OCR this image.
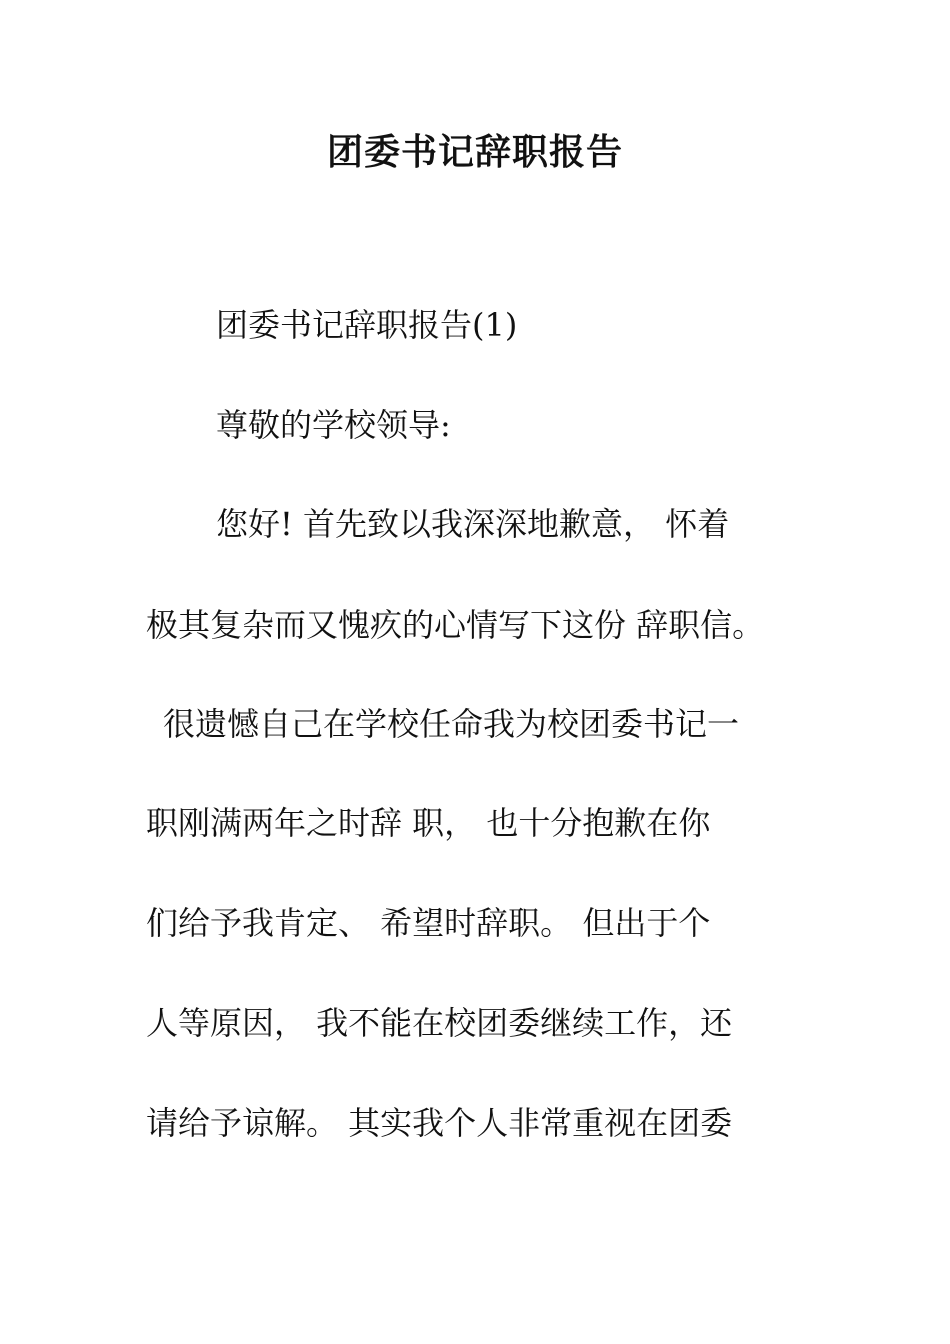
团委书记辞职报告

团委书记辞职报告(1)

尊敬的学校领导:

您好! 首先致以我深深地歉意， 怀着

极其复杂而又愧疚的心情写下这份 辞职信。

很遗憾自己在学校任命我为校团委书记一

职刚满两年之时辞 职， 也十分抱歉在你

们给予我肯定、 希望时辞职。 但出于个

人等原因， 我不能在校团委继续工作，还

请给予谅解。 其实我个人非常重视在团委
